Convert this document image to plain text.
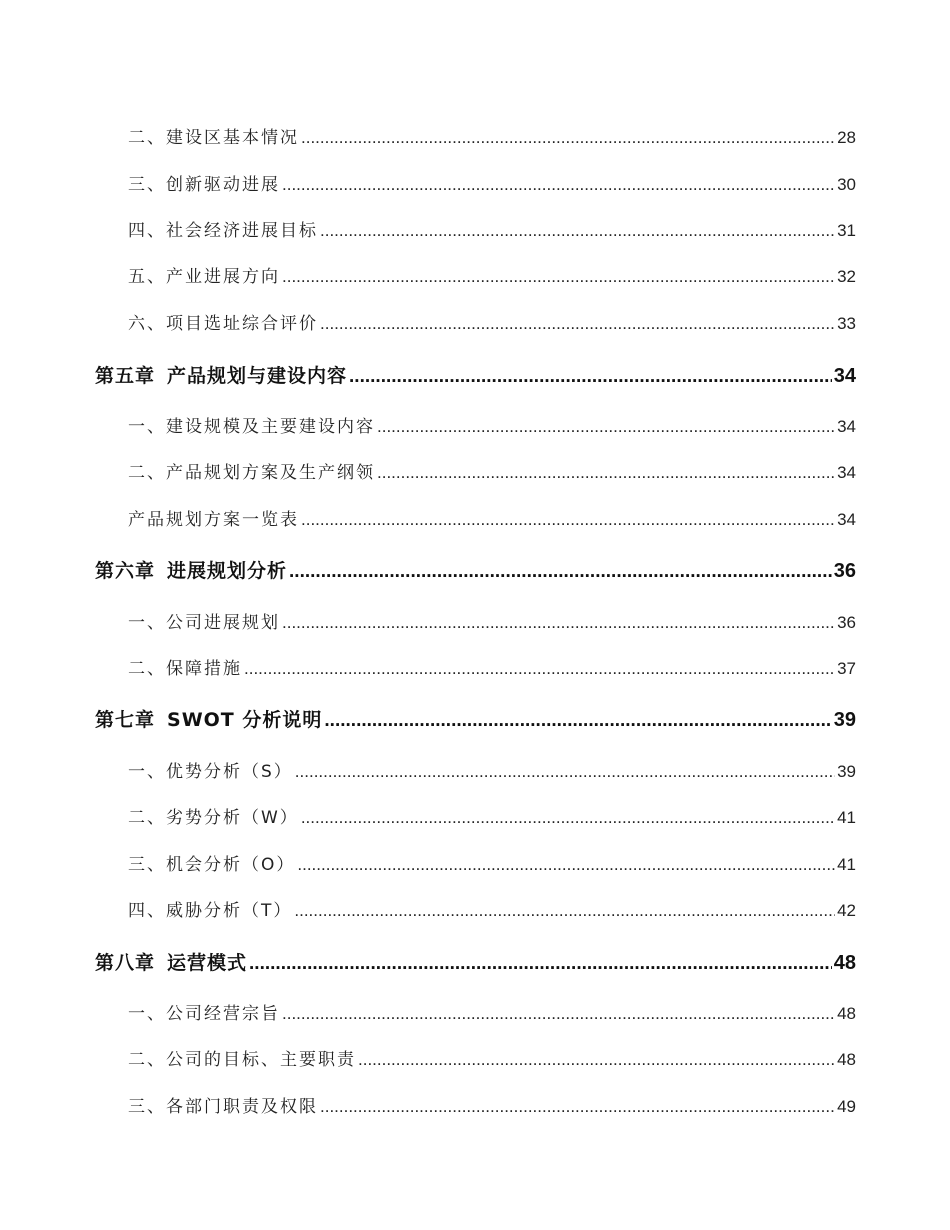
二、 建设区基本情况 .....	28
三、 创新驱动进展 .....	30
四、 社会经济进展目标 .....	31
五、 产业进展方向 .....	32
六、 项目选址综合评价 .....	33
第五章 产品规划与建设内容 .....	34
一、 建设规模及主要建设内容 .....	34
二、 产品规划方案及生产纲领 .....	34
产品规划方案一览表 .....	34
第六章 进展规划分析 .....	36
一、 公司进展规划 .....	36
二、 保障措施 .....	37
第七章 SWOT 分析说明 .....	39
一、 优势分析（S） .....	39
二、 劣势分析（W） .....	41
三、 机会分析（O） .....	41
四、 威胁分析（T） .....	42
第八章 运营模式 .....	48
一、 公司经营宗旨 .....	48
二、 公司的目标、主要职责 .....	48
三、 各部门职责及权限 .....	49
